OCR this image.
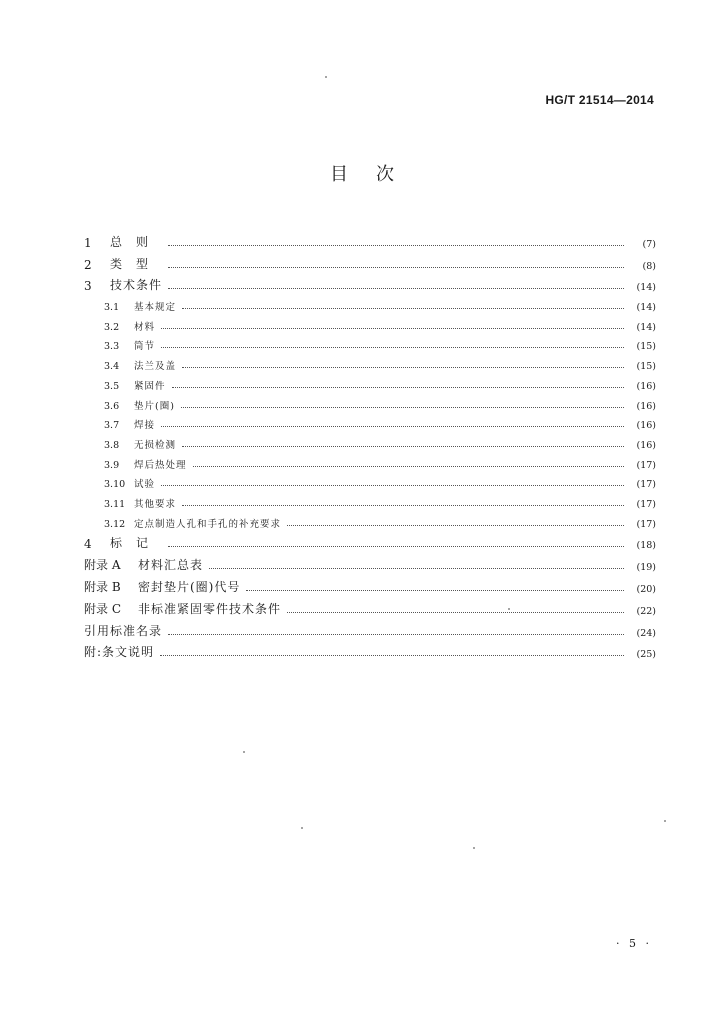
HG/T 21514—2014
目次
1	总则	(7)
2	类型	(8)
3	技术条件	(14)
3.1	基本规定	(14)
3.2	材料	(14)
3.3	筒节	(15)
3.4	法兰及盖	(15)
3.5	紧固件	(16)
3.6	垫片(圈)	(16)
3.7	焊接	(16)
3.8	无损检测	(16)
3.9	焊后热处理	(17)
3.10 试验	(17)
3.11 其他要求	(17)
3.12 定点制造人孔和手孔的补充要求	(17)
4	标记	(18)
附录 A	材料汇总表	(19)
附录 B	密封垫片(圈)代号	(20)
附录 C	非标准紧固零件技术条件	(22)
引用标准名录	(24)
附:条文说明	(25)
· 5 ·
